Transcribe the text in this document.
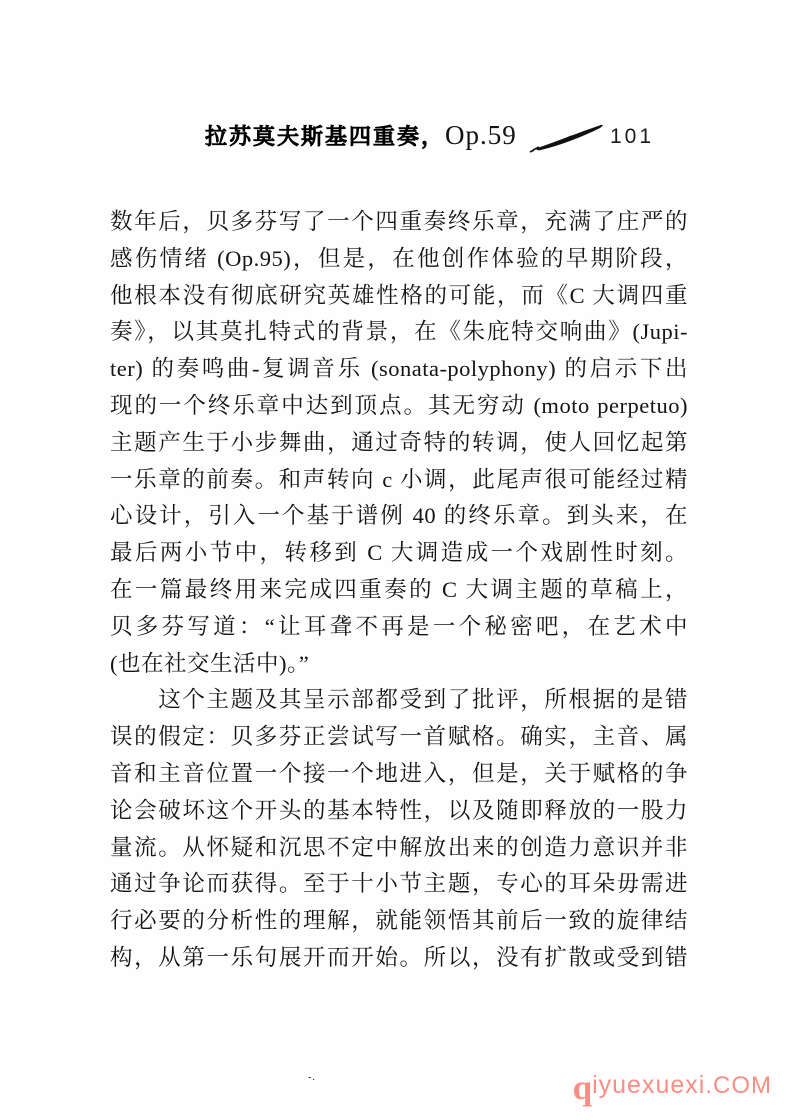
拉苏莫夫斯基四重奏，Op.59	101
数年后，贝多芬写了一个四重奏终乐章，充满了庄严的
感伤情绪 (Op.95)，但是，在他创作体验的早期阶段，
他根本没有彻底研究英雄性格的可能，而《C 大调四重
奏》，以其莫扎特式的背景，在《朱庇特交响曲》(Jupi-
ter) 的奏鸣曲-复调音乐 (sonata-polyphony) 的启示下出
现的一个终乐章中达到顶点。其无穷动 (moto perpetuo)
主题产生于小步舞曲，通过奇特的转调，使人回忆起第
一乐章的前奏。和声转向 c 小调，此尾声很可能经过精
心设计，引入一个基于谱例 40 的终乐章。到头来，在
最后两小节中，转移到 C 大调造成一个戏剧性时刻。
在一篇最终用来完成四重奏的 C 大调主题的草稿上，
贝多芬写道：“让耳聋不再是一个秘密吧，在艺术中
(也在社交生活中)。”
　　这个主题及其呈示部都受到了批评，所根据的是错
误的假定：贝多芬正尝试写一首赋格。确实，主音、属
音和主音位置一个接一个地进入，但是，关于赋格的争
论会破坏这个开头的基本特性，以及随即释放的一股力
量流。从怀疑和沉思不定中解放出来的创造力意识并非
通过争论而获得。至于十小节主题，专心的耳朵毋需进
行必要的分析性的理解，就能领悟其前后一致的旋律结
构，从第一乐句展开而开始。所以，没有扩散或受到错
-.	qiyuexuexi.COM
